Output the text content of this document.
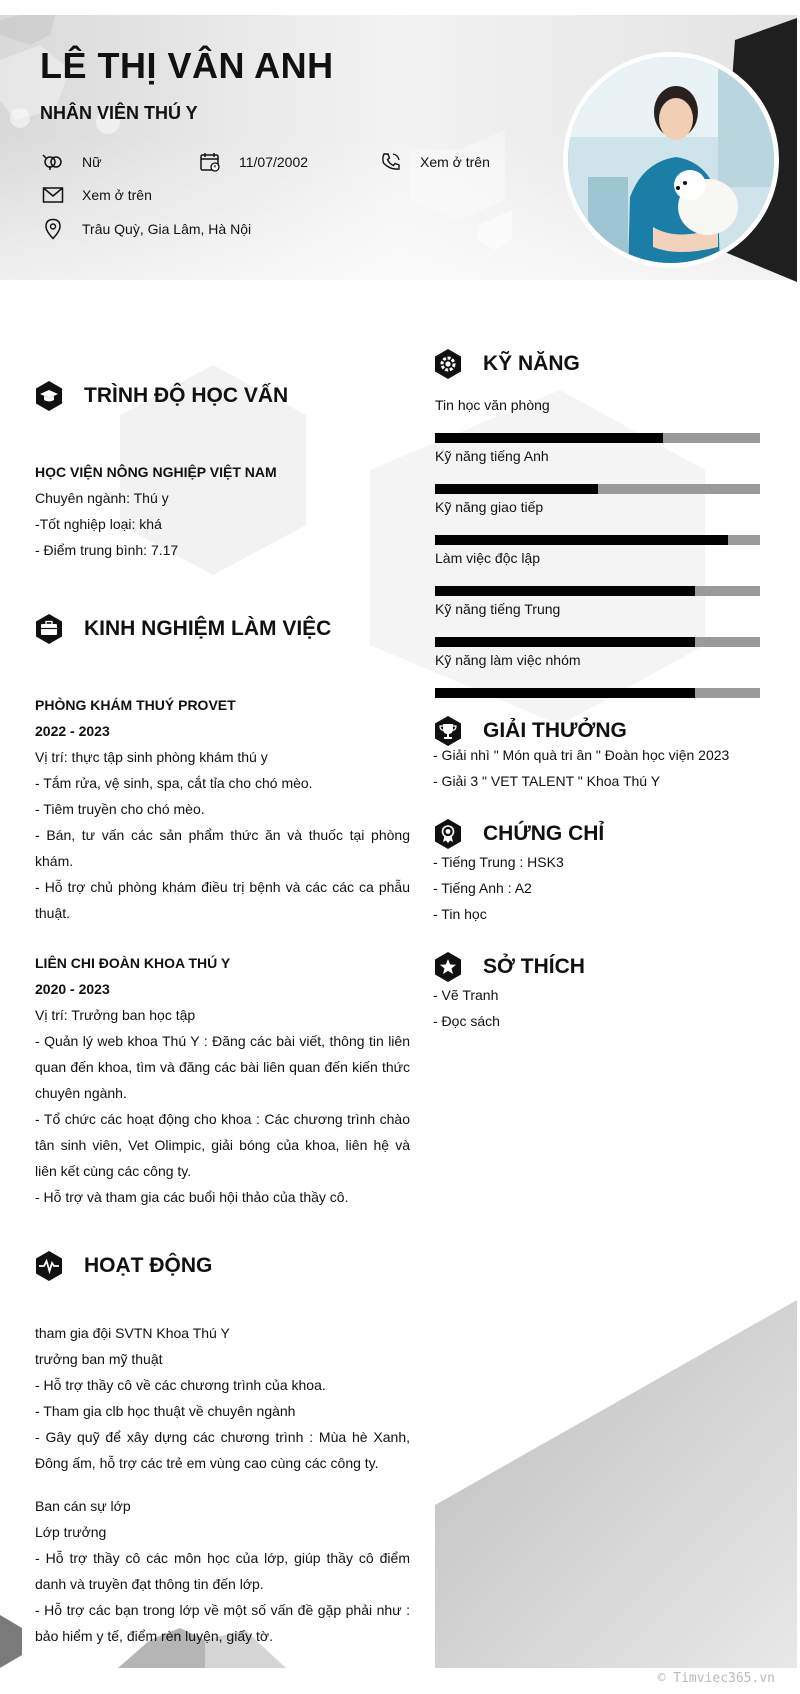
LÊ THỊ VÂN ANH
NHÂN VIÊN THÚ Y
Nữ	11/07/2002	Xem ở trên
Xem ở trên
Trâu Quỳ, Gia Lâm, Hà Nội
TRÌNH ĐỘ HỌC VẤN
HỌC VIỆN NÔNG NGHIỆP VIỆT NAM
Chuyên ngành: Thú y
-Tốt nghiệp loại: khá
- Điểm trung bình: 7.17
KINH NGHIỆM LÀM VIỆC
PHÒNG KHÁM THUÝ PROVET
2022 - 2023
Vị trí: thực tập sinh phòng khám thú y
- Tắm rửa, vệ sinh, spa, cắt tỉa cho chó mèo.
- Tiêm truyền cho chó mèo.
- Bán, tư vấn các sản phẩm thức ăn và thuốc tại phòng khám.
- Hỗ trợ chủ phòng khám điều trị bệnh và các các ca phẫu thuật.
LIÊN CHI ĐOÀN KHOA THÚ Y
2020 - 2023
Vị trí: Trưởng ban học tập
- Quản lý web khoa Thú Y : Đăng các bài viết, thông tin liên quan đến khoa, tìm và đăng các bài liên quan đến kiến thức chuyên ngành.
- Tổ chức các hoạt động cho khoa : Các chương trình chào tân sinh viên, Vet Olimpic, giải bóng của khoa, liên hệ và liên kết cùng các công ty.
- Hỗ trợ và tham gia các buổi hội thảo của thầy cô.
HOẠT ĐỘNG
tham gia đội SVTN Khoa Thú Y
trưởng ban mỹ thuật
- Hỗ trợ thầy cô về các chương trình của khoa.
- Tham gia clb học thuật về chuyên ngành
- Gây quỹ để xây dựng các chương trình : Mùa hè Xanh, Đông ấm, hỗ trợ các trẻ em vùng cao cùng các công ty.
Ban cán sự lớp
Lớp trưởng
- Hỗ trợ thầy cô các môn học của lớp, giúp thầy cô điểm danh và truyền đạt thông tin đến lớp.
- Hỗ trợ các bạn trong lớp về một số vấn đề gặp phải như : bảo hiểm y tế, điểm rèn luyện, giấy tờ.
KỸ NĂNG
Tin học văn phòng
Kỹ năng tiếng Anh
Kỹ năng giao tiếp
Làm việc độc lập
Kỹ năng tiếng Trung
Kỹ năng làm việc nhóm
GIẢI THƯỞNG
- Giải nhì " Món quà tri ân " Đoàn học viện 2023
- Giải 3 " VET TALENT " Khoa Thú Y
CHỨNG CHỈ
- Tiếng Trung : HSK3
- Tiếng Anh : A2
- Tin học
SỞ THÍCH
- Vẽ Tranh
- Đọc sách
© Timviec365.vn
